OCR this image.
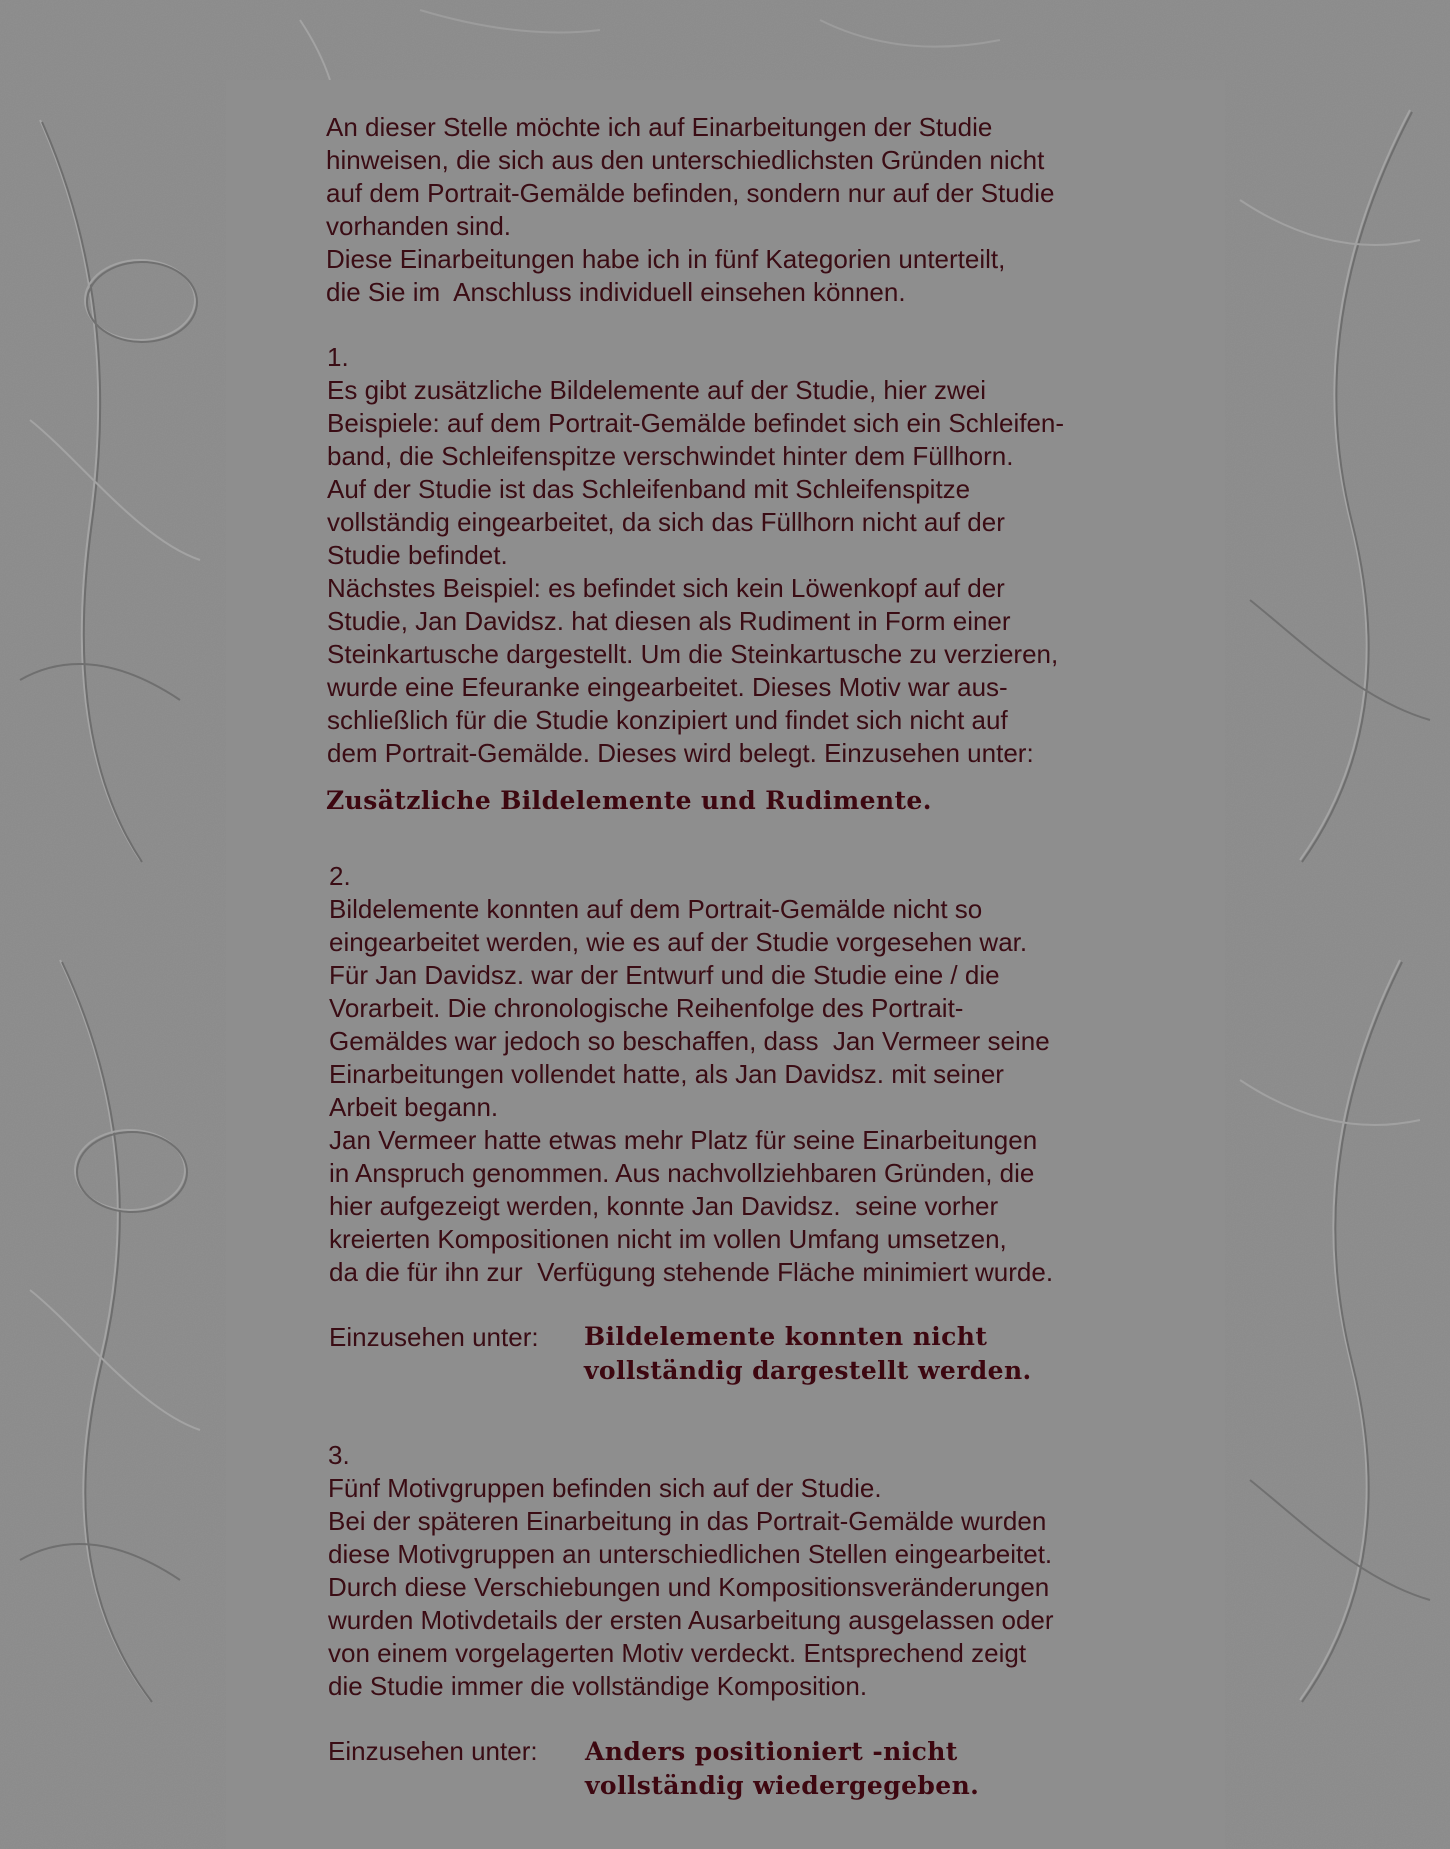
An dieser Stelle möchte ich auf Einarbeitungen der Studie
hinweisen, die sich aus den unterschiedlichsten Gründen nicht
auf dem Portrait-Gemälde befinden, sondern nur auf der Studie
vorhanden sind.
Diese Einarbeitungen habe ich in fünf Kategorien unterteilt,
die Sie im  Anschluss individuell einsehen können.
1.
Es gibt zusätzliche Bildelemente auf der Studie, hier zwei
Beispiele: auf dem Portrait-Gemälde befindet sich ein Schleifen-
band, die Schleifenspitze verschwindet hinter dem Füllhorn.
Auf der Studie ist das Schleifenband mit Schleifenspitze
vollständig eingearbeitet, da sich das Füllhorn nicht auf der
Studie befindet.
Nächstes Beispiel: es befindet sich kein Löwenkopf auf der
Studie, Jan Davidsz. hat diesen als Rudiment in Form einer
Steinkartusche dargestellt. Um die Steinkartusche zu verzieren,
wurde eine Efeuranke eingearbeitet. Dieses Motiv war aus-
schließlich für die Studie konzipiert und findet sich nicht auf
dem Portrait-Gemälde. Dieses wird belegt. Einzusehen unter:
Zusätzliche Bildelemente und Rudimente.
2.
Bildelemente konnten auf dem Portrait-Gemälde nicht so
eingearbeitet werden, wie es auf der Studie vorgesehen war.
Für Jan Davidsz. war der Entwurf und die Studie eine / die
Vorarbeit. Die chronologische Reihenfolge des Portrait-
Gemäldes war jedoch so beschaffen, dass  Jan Vermeer seine
Einarbeitungen vollendet hatte, als Jan Davidsz. mit seiner
Arbeit begann.
Jan Vermeer hatte etwas mehr Platz für seine Einarbeitungen
in Anspruch genommen. Aus nachvollziehbaren Gründen, die
hier aufgezeigt werden, konnte Jan Davidsz.  seine vorher
kreierten Kompositionen nicht im vollen Umfang umsetzen,
da die für ihn zur  Verfügung stehende Fläche minimiert wurde.
Einzusehen unter: Bildelemente konnten nicht
vollständig dargestellt werden.
3.
Fünf Motivgruppen befinden sich auf der Studie.
Bei der späteren Einarbeitung in das Portrait-Gemälde wurden
diese Motivgruppen an unterschiedlichen Stellen eingearbeitet.
Durch diese Verschiebungen und Kompositionsveränderungen
wurden Motivdetails der ersten Ausarbeitung ausgelassen oder
von einem vorgelagerten Motiv verdeckt. Entsprechend zeigt
die Studie immer die vollständige Komposition.
Einzusehen unter: Anders positioniert -nicht
vollständig wiedergegeben.
